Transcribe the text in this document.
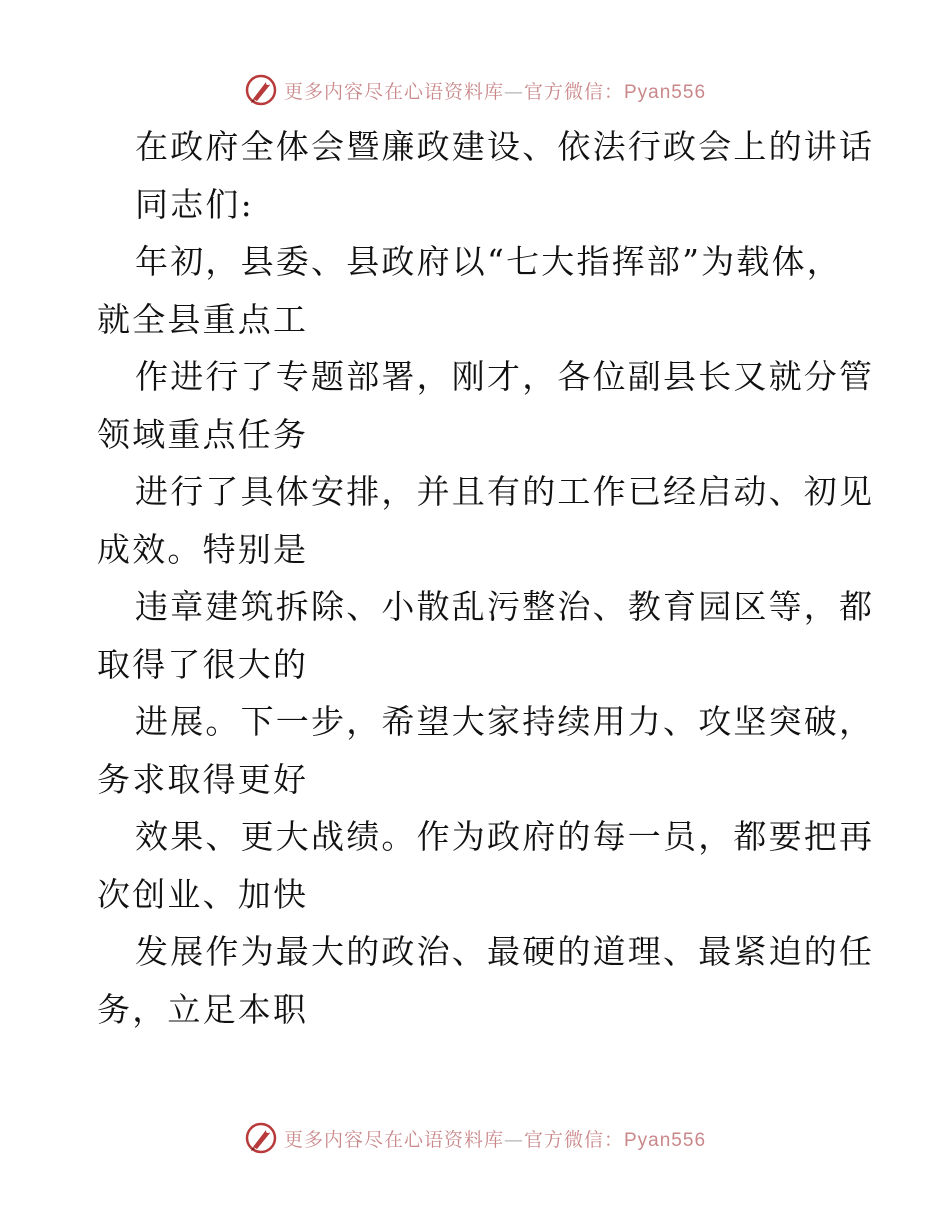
更多内容尽在心语资料库—官方微信：Pyan556
在政府全体会暨廉政建设、依法行政会上的讲话
同志们:
年初，县委、县政府以“七大指挥部”为载体，
就全县重点工
作进行了专题部署，刚才，各位副县长又就分管
领域重点任务
进行了具体安排，并且有的工作已经启动、初见
成效。特别是
违章建筑拆除、小散乱污整治、教育园区等，都
取得了很大的
进展。下一步，希望大家持续用力、攻坚突破，
务求取得更好
效果、更大战绩。作为政府的每一员，都要把再
次创业、加快
发展作为最大的政治、最硬的道理、最紧迫的任
务，立足本职
更多内容尽在心语资料库—官方微信：Pyan556
